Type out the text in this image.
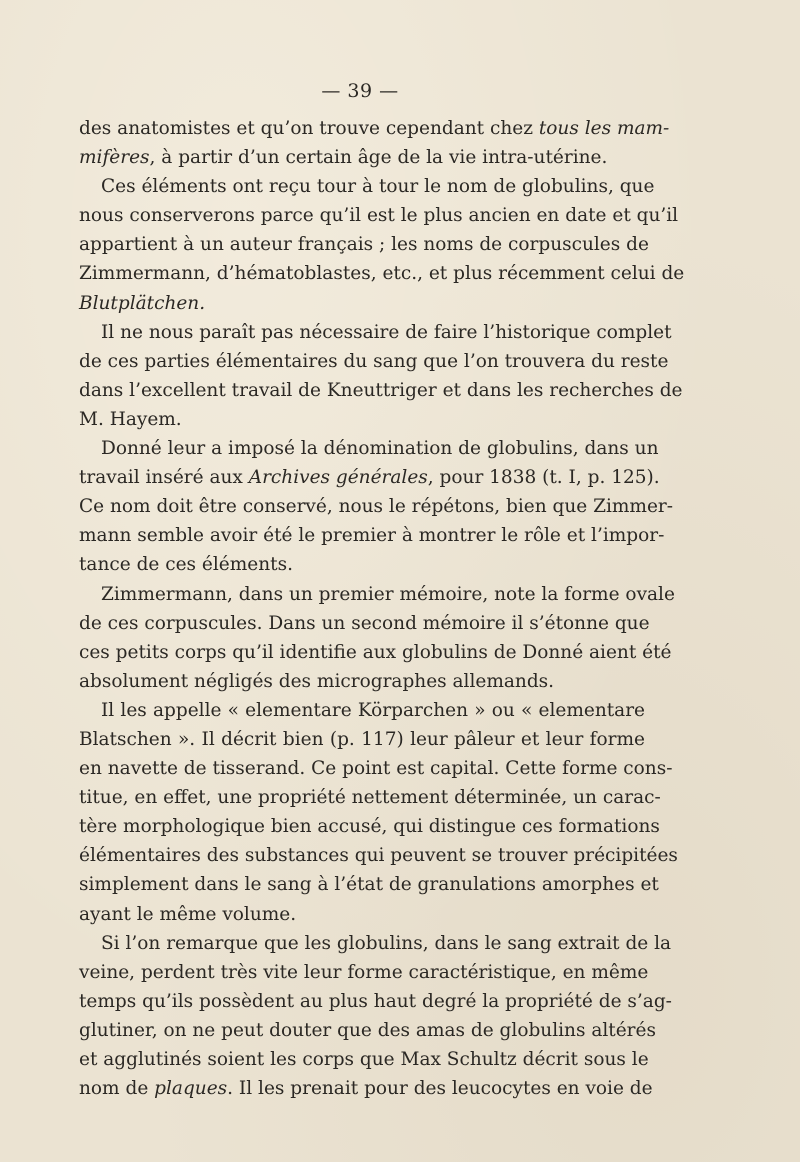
— 39 —

des anatomistes et qu’on trouve cependant chez tous les mam-
mifères, à partir d’un certain âge de la vie intra-utérine.

Ces éléments ont reçu tour à tour le nom de globulins, que
nous conserverons parce qu’il est le plus ancien en date et qu’il
appartient à un auteur français ; les noms de corpuscules de
Zimmermann, d’hématoblastes, etc., et plus récemment celui de
Blutplätchen.

Il ne nous paraît pas nécessaire de faire l’historique complet
de ces parties élémentaires du sang que l’on trouvera du reste
dans l’excellent travail de Kneuttriger et dans les recherches de
M. Hayem.

Donné leur a imposé la dénomination de globulins, dans un
travail inséré aux Archives générales, pour 1838 (t. I, p. 125).
Ce nom doit être conservé, nous le répétons, bien que Zimmer-
mann semble avoir été le premier à montrer le rôle et l’impor-
tance de ces éléments.

Zimmermann, dans un premier mémoire, note la forme ovale
de ces corpuscules. Dans un second mémoire il s’étonne que
ces petits corps qu’il identifie aux globulins de Donné aient été
absolument négligés des micrographes allemands.

Il les appelle « elementare Körparchen » ou « elementare
Blatschen ». Il décrit bien (p. 117) leur pâleur et leur forme
en navette de tisserand. Ce point est capital. Cette forme cons-
titue, en effet, une propriété nettement déterminée, un carac-
tère morphologique bien accusé, qui distingue ces formations
élémentaires des substances qui peuvent se trouver précipitées
simplement dans le sang à l’état de granulations amorphes et
ayant le même volume.

Si l’on remarque que les globulins, dans le sang extrait de la
veine, perdent très vite leur forme caractéristique, en même
temps qu’ils possèdent au plus haut degré la propriété de s’ag-
glutiner, on ne peut douter que des amas de globulins altérés
et agglutinés soient les corps que Max Schultz décrit sous le
nom de plaques. Il les prenait pour des leucocytes en voie de
